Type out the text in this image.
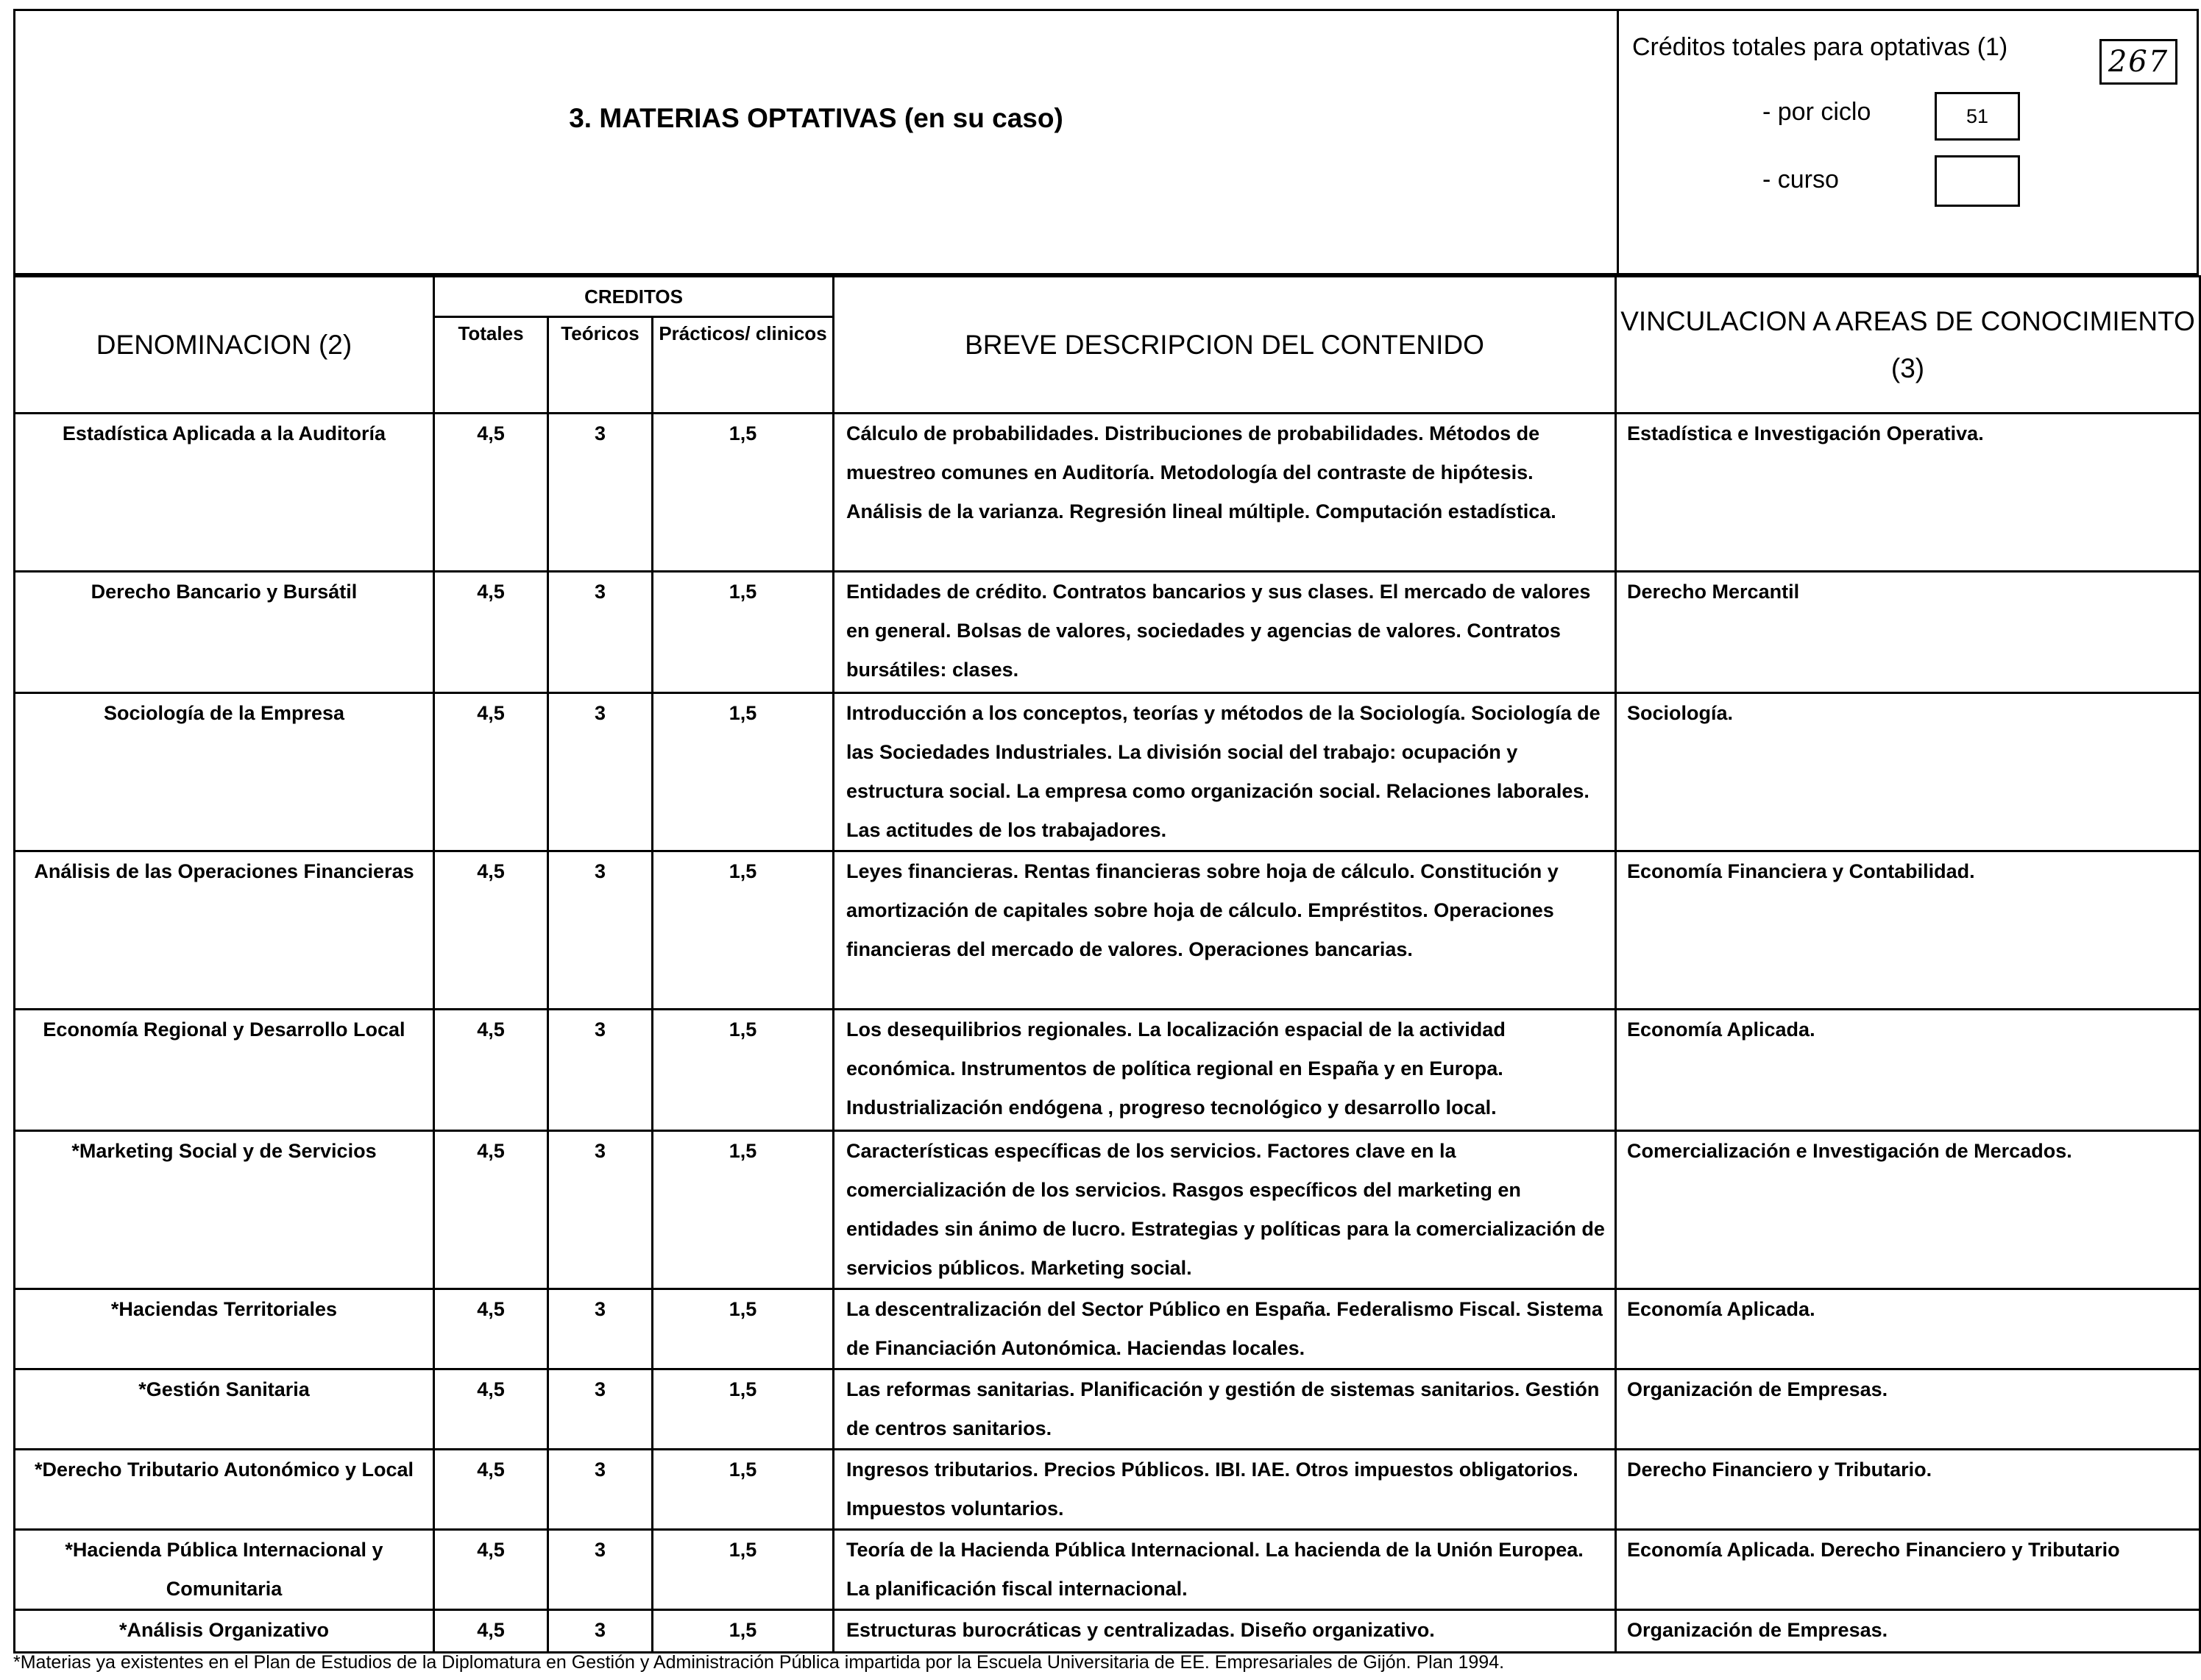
3. MATERIAS OPTATIVAS (en su caso)
Créditos totales para optativas (1)	267
- por ciclo	51
- curso
DENOMINACION (2)	CREDITOS			BREVE DESCRIPCION DEL CONTENIDO	VINCULACION A AREAS DE CONOCIMIENTO (3)
	Totales	Teóricos	Prácticos/ clinicos		
Estadística Aplicada a la Auditoría	4,5	3	1,5	Cálculo de probabilidades. Distribuciones de probabilidades. Métodos de muestreo comunes en Auditoría. Metodología del contraste de hipótesis. Análisis de la varianza. Regresión lineal múltiple. Computación estadística.	Estadística e Investigación Operativa.
Derecho Bancario y Bursátil	4,5	3	1,5	Entidades de crédito. Contratos bancarios y sus clases. El mercado de valores en general. Bolsas de valores, sociedades y agencias de valores. Contratos bursátiles: clases.	Derecho Mercantil
Sociología de la Empresa	4,5	3	1,5	Introducción a los conceptos, teorías y métodos de la Sociología. Sociología de las Sociedades Industriales. La división social del trabajo: ocupación y estructura social. La empresa como organización social. Relaciones laborales. Las actitudes de los trabajadores.	Sociología.
Análisis de las Operaciones Financieras	4,5	3	1,5	Leyes financieras. Rentas financieras sobre hoja de cálculo. Constitución y amortización de capitales sobre hoja de cálculo. Empréstitos. Operaciones financieras del mercado de valores. Operaciones bancarias.	Economía Financiera y Contabilidad.
Economía Regional y Desarrollo Local	4,5	3	1,5	Los desequilibrios regionales. La localización espacial de la actividad económica. Instrumentos de política regional en España y en Europa. Industrialización endógena , progreso tecnológico y desarrollo local.	Economía Aplicada.
*Marketing Social y de Servicios	4,5	3	1,5	Características específicas de los servicios. Factores clave en la comercialización de los servicios. Rasgos específicos del marketing en entidades sin ánimo de lucro. Estrategias y políticas para la comercialización de servicios públicos. Marketing social.	Comercialización e Investigación de Mercados.
*Haciendas Territoriales	4,5	3	1,5	La descentralización del Sector Público en España. Federalismo Fiscal. Sistema de Financiación Autonómica. Haciendas locales.	Economía Aplicada.
*Gestión Sanitaria	4,5	3	1,5	Las reformas sanitarias. Planificación y gestión de sistemas sanitarios. Gestión de centros sanitarios.	Organización de Empresas.
*Derecho Tributario Autonómico y Local	4,5	3	1,5	Ingresos tributarios. Precios Públicos. IBI. IAE. Otros impuestos obligatorios. Impuestos voluntarios.	Derecho Financiero y Tributario.
*Hacienda Pública Internacional y Comunitaria	4,5	3	1,5	Teoría de la Hacienda Pública Internacional. La hacienda de la Unión Europea. La planificación fiscal internacional.	Economía Aplicada. Derecho Financiero y Tributario
*Análisis Organizativo	4,5	3	1,5	Estructuras burocráticas y centralizadas. Diseño organizativo.	Organización de Empresas.
*Materias ya existentes en el Plan de Estudios de la Diplomatura en Gestión y Administración Pública impartida por la Escuela Universitaria de EE. Empresariales de Gijón. Plan 1994.
